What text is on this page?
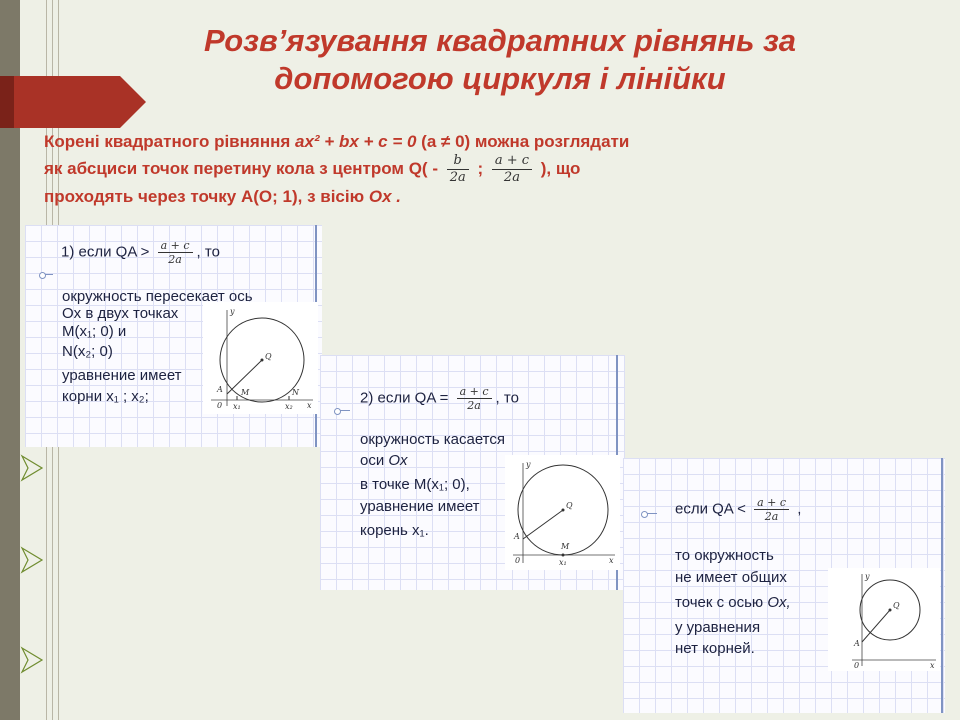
Розв’язування квадратних рівнянь за
допомогою циркуля і лінійки
Корені квадратного рівняння ax² + bx + c = 0 (a ≠ 0) можна розглядати
як абсциси точок перетину кола з центром $Q( - \frac{b}{2a}$ ; $\frac{a + c}{2a}$ ), що
проходять через точку A(O; 1), з вісію Ox .
1) если QA > $\frac{a + c}{2a}$ , то
окружность пересекает ось
Ox в двух точках
M(x₁; 0) и
N(x₂; 0)
уравнение имеет
корни x₁ ; x₂;
y
A
Q
M	N
0 x₁	x₂ x	2) если QA = $\frac{a + c}{2a}$ , то
окружность касается
оси Ox
в точке M(x₁; 0),
уравнение имеет
корень x₁.
y
A
Q
M
0	x₁	x
если QA < $\frac{a + c}{2a}$ ,
то окружность
не имеет общих
точек с осью Ox,
у уравнения
нет корней.
y
A
Q
0	x
